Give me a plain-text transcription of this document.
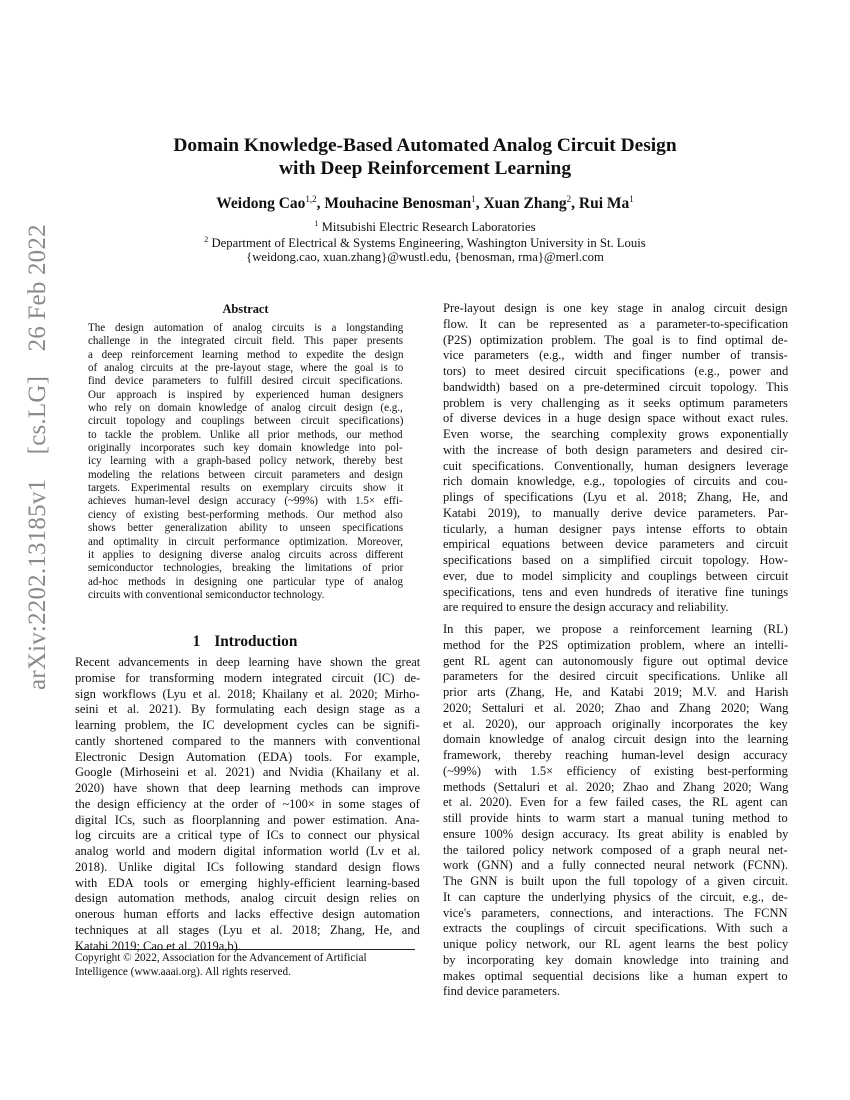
arXiv:2202.13185v1 [cs.LG] 26 Feb 2022
Domain Knowledge-Based Automated Analog Circuit Design
with Deep Reinforcement Learning
Weidong Cao$^{1,2}$, Mouhacine Benosman$^1$, Xuan Zhang$^2$, Rui Ma$^1$
$^1$ Mitsubishi Electric Research Laboratories
$^2$ Department of Electrical & Systems Engineering, Washington University in St. Louis
{weidong.cao, xuan.zhang}@wustl.edu, {benosman, rma}@merl.com
Abstract
The design automation of analog circuits is a longstanding
challenge in the integrated circuit field. This paper presents
a deep reinforcement learning method to expedite the design
of analog circuits at the pre-layout stage, where the goal is to
find device parameters to fulfill desired circuit specifications.
Our approach is inspired by experienced human designers
who rely on domain knowledge of analog circuit design (e.g.,
circuit topology and couplings between circuit specifications)
to tackle the problem. Unlike all prior methods, our method
originally incorporates such key domain knowledge into pol-
icy learning with a graph-based policy network, thereby best
modeling the relations between circuit parameters and design
targets. Experimental results on exemplary circuits show it
achieves human-level design accuracy (~99%) with 1.5× effi-
ciency of existing best-performing methods. Our method also
shows better generalization ability to unseen specifications
and optimality in circuit performance optimization. Moreover,
it applies to designing diverse analog circuits across different
semiconductor technologies, breaking the limitations of prior
ad-hoc methods in designing one particular type of analog
circuits with conventional semiconductor technology.
1 Introduction
Recent advancements in deep learning have shown the great
promise for transforming modern integrated circuit (IC) de-
sign workflows (Lyu et al. 2018; Khailany et al. 2020; Mirho-
seini et al. 2021). By formulating each design stage as a
learning problem, the IC development cycles can be signifi-
cantly shortened compared to the manners with conventional
Electronic Design Automation (EDA) tools. For example,
Google (Mirhoseini et al. 2021) and Nvidia (Khailany et al.
2020) have shown that deep learning methods can improve
the design efficiency at the order of ~100× in some stages of
digital ICs, such as floorplanning and power estimation. Ana-
log circuits are a critical type of ICs to connect our physical
analog world and modern digital information world (Lv et al.
2018). Unlike digital ICs following standard design flows
with EDA tools or emerging highly-efficient learning-based
design automation methods, analog circuit design relies on
onerous human efforts and lacks effective design automation
techniques at all stages (Lyu et al. 2018; Zhang, He, and
Katabi 2019; Cao et al. 2019a,b).
Copyright © 2022, Association for the Advancement of Artificial
Intelligence (www.aaai.org). All rights reserved.
Pre-layout design is one key stage in analog circuit design
flow. It can be represented as a parameter-to-specification
(P2S) optimization problem. The goal is to find optimal de-
vice parameters (e.g., width and finger number of transis-
tors) to meet desired circuit specifications (e.g., power and
bandwidth) based on a pre-determined circuit topology. This
problem is very challenging as it seeks optimum parameters
of diverse devices in a huge design space without exact rules.
Even worse, the searching complexity grows exponentially
with the increase of both design parameters and desired cir-
cuit specifications. Conventionally, human designers leverage
rich domain knowledge, e.g., topologies of circuits and cou-
plings of specifications (Lyu et al. 2018; Zhang, He, and
Katabi 2019), to manually derive device parameters. Par-
ticularly, a human designer pays intense efforts to obtain
empirical equations between device parameters and circuit
specifications based on a simplified circuit topology. How-
ever, due to model simplicity and couplings between circuit
specifications, tens and even hundreds of iterative fine tunings
are required to ensure the design accuracy and reliability.
In this paper, we propose a reinforcement learning (RL)
method for the P2S optimization problem, where an intelli-
gent RL agent can autonomously figure out optimal device
parameters for the desired circuit specifications. Unlike all
prior arts (Zhang, He, and Katabi 2019; M.V. and Harish
2020; Settaluri et al. 2020; Zhao and Zhang 2020; Wang
et al. 2020), our approach originally incorporates the key
domain knowledge of analog circuit design into the learning
framework, thereby reaching human-level design accuracy
(~99%) with 1.5× efficiency of existing best-performing
methods (Settaluri et al. 2020; Zhao and Zhang 2020; Wang
et al. 2020). Even for a few failed cases, the RL agent can
still provide hints to warm start a manual tuning method to
ensure 100% design accuracy. Its great ability is enabled by
the tailored policy network composed of a graph neural net-
work (GNN) and a fully connected neural network (FCNN).
The GNN is built upon the full topology of a given circuit.
It can capture the underlying physics of the circuit, e.g., de-
vice's parameters, connections, and interactions. The FCNN
extracts the couplings of circuit specifications. With such a
unique policy network, our RL agent learns the best policy
by incorporating key domain knowledge into training and
makes optimal sequential decisions like a human expert to
find device parameters.
